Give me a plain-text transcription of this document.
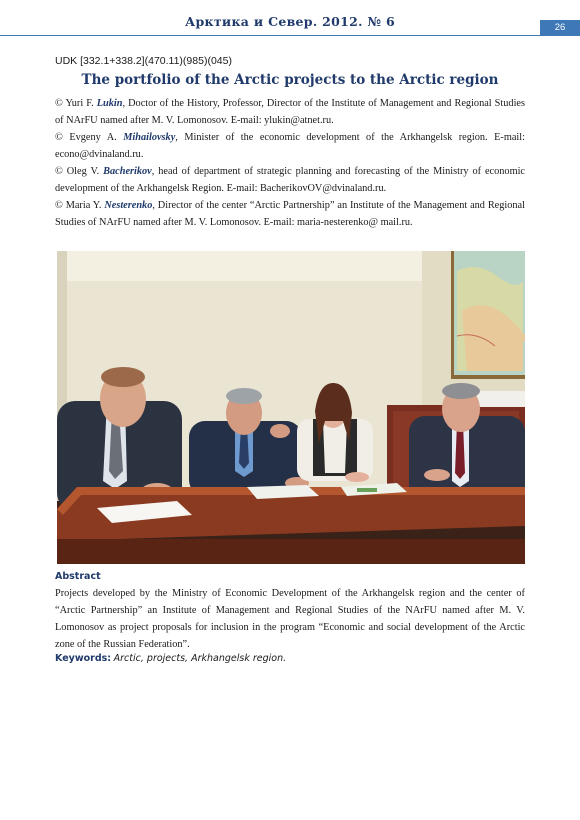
Арктика и Север. 2012. № 6	26
UDK [332.1+338.2](470.11)(985)(045)
The portfolio of the Arctic projects to the Arctic region

© Yuri F. Lukin, Doctor of the History, Professor, Director of the Institute of Management and Regional Studies of NArFU named after M. V. Lomonosov. E-mail: ylukin@atnet.ru.

© Evgeny A. Mihailovsky, Minister of the economic development of the Arkhangelsk region. E-mail: econo@dvinaland.ru.

© Oleg V. Bacherikov, head of department of strategic planning and forecasting of the Ministry of economic development of the Arkhangelsk Region. E-mail: BacherikovOV@dvinaland.ru.

© Maria Y. Nesterenko, Director of the center “Arctic Partnership” an Institute of the Management and Regional Studies of NArFU named after M. V. Lomonosov. E-mail: maria-nesterenko@ mail.ru.

Abstract

Projects developed by the Ministry of Economic Development of the Arkhangelsk region and the center of “Arctic Partnership” an Institute of Management and Regional Studies of the NArFU named after M. V. Lomonosov as project proposals for inclusion in the program “Economic and social development of the Arctic zone of the Russian Federation”.

Keywords: Arctic, projects, Arkhangelsk region.
